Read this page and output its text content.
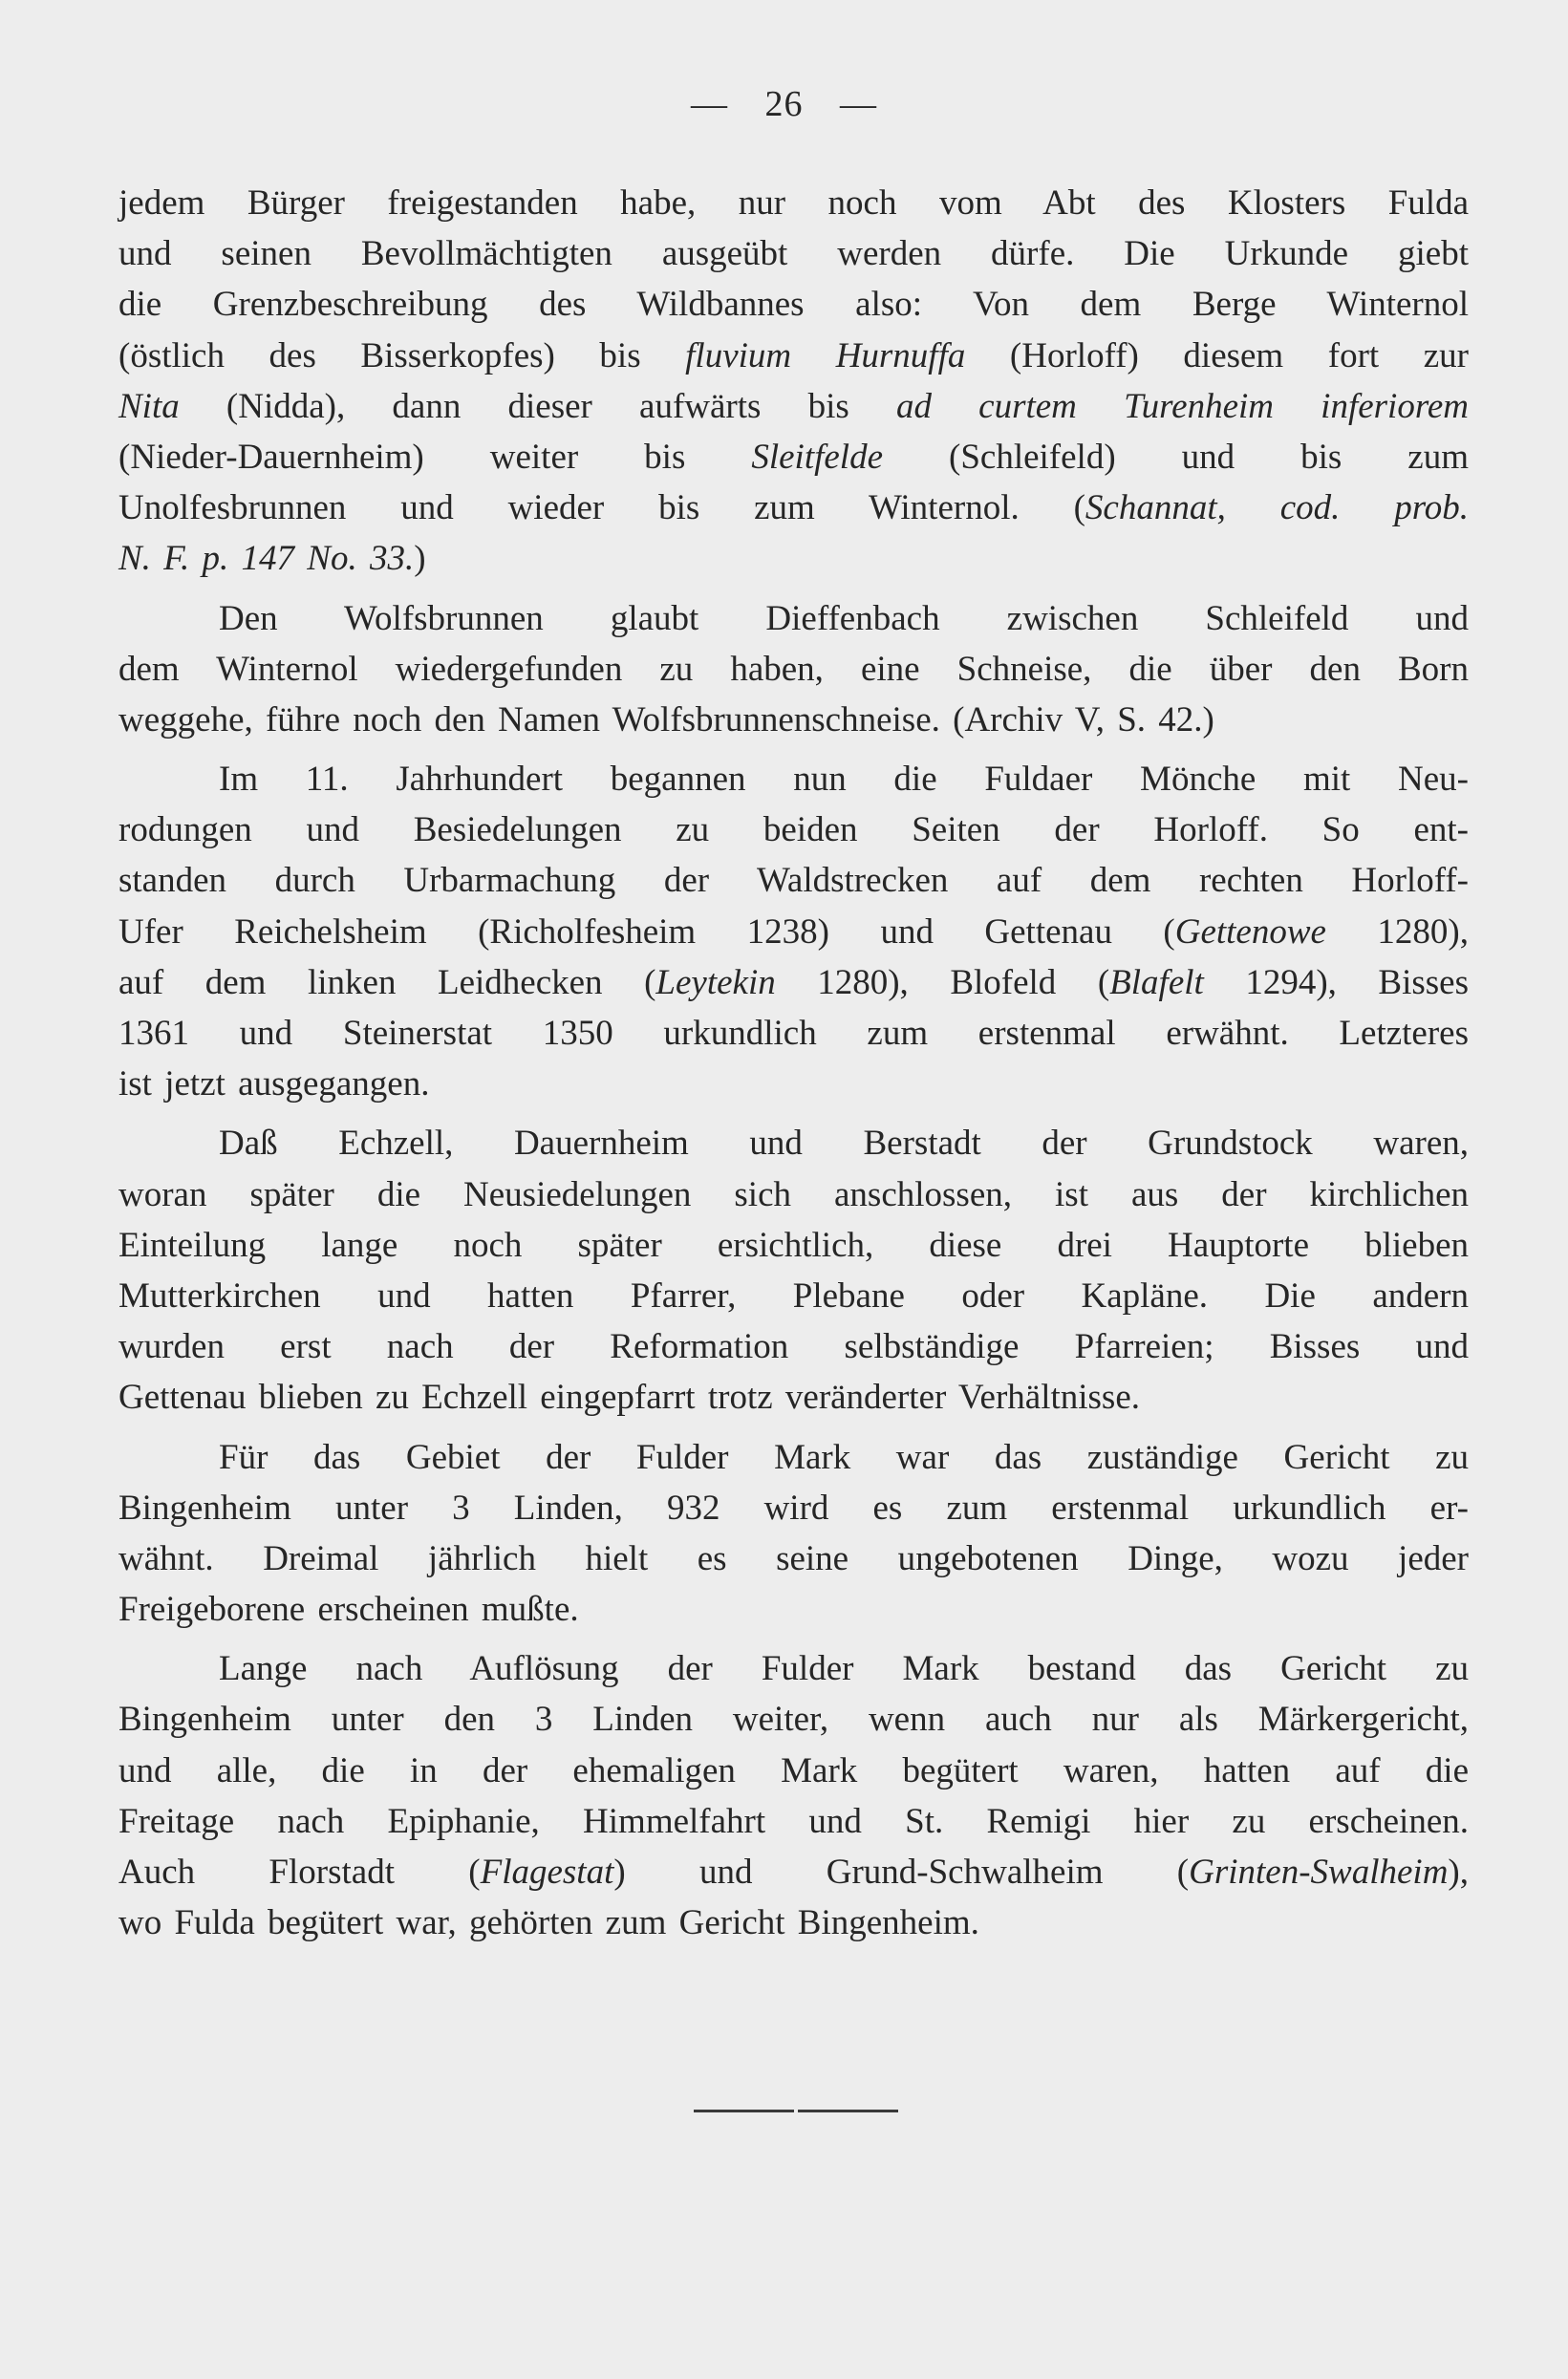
— 26 —
jedem Bürger freigestanden habe, nur noch vom Abt des Klosters Fulda
und seinen Bevollmächtigten ausgeübt werden dürfe. Die Urkunde giebt
die Grenzbeschreibung des Wildbannes also: Von dem Berge Winternol
(östlich des Bisserkopfes) bis fluvium Hurnuffa (Horloff) diesem fort zur
Nita (Nidda), dann dieser aufwärts bis ad curtem Turenheim inferiorem
(Nieder-Dauernheim) weiter bis Sleitfelde (Schleifeld) und bis zum
Unolfesbrunnen und wieder bis zum Winternol. (Schannat, cod. prob.
N. F. p. 147 No. 33.)
Den Wolfsbrunnen glaubt Dieffenbach zwischen Schleifeld und
dem Winternol wiedergefunden zu haben, eine Schneise, die über den Born
weggehe, führe noch den Namen Wolfsbrunnenschneise. (Archiv V, S. 42.)
Im 11. Jahrhundert begannen nun die Fuldaer Mönche mit Neu-
rodungen und Besiedelungen zu beiden Seiten der Horloff. So ent-
standen durch Urbarmachung der Waldstrecken auf dem rechten Horloff-
Ufer Reichelsheim (Richolfesheim 1238) und Gettenau (Gettenowe 1280),
auf dem linken Leidhecken (Leytekin 1280), Blofeld (Blafelt 1294), Bisses
1361 und Steinerstat 1350 urkundlich zum erstenmal erwähnt. Letzteres
ist jetzt ausgegangen.
Daß Echzell, Dauernheim und Berstadt der Grundstock waren,
woran später die Neusiedelungen sich anschlossen, ist aus der kirchlichen
Einteilung lange noch später ersichtlich, diese drei Hauptorte blieben
Mutterkirchen und hatten Pfarrer, Plebane oder Kapläne. Die andern
wurden erst nach der Reformation selbständige Pfarreien; Bisses und
Gettenau blieben zu Echzell eingepfarrt trotz veränderter Verhältnisse.
Für das Gebiet der Fulder Mark war das zuständige Gericht zu
Bingenheim unter 3 Linden, 932 wird es zum erstenmal urkundlich er-
wähnt. Dreimal jährlich hielt es seine ungebotenen Dinge, wozu jeder
Freigeborene erscheinen mußte.
Lange nach Auflösung der Fulder Mark bestand das Gericht zu
Bingenheim unter den 3 Linden weiter, wenn auch nur als Märkergericht,
und alle, die in der ehemaligen Mark begütert waren, hatten auf die
Freitage nach Epiphanie, Himmelfahrt und St. Remigi hier zu erscheinen.
Auch Florstadt (Flagestat) und Grund-Schwalheim (Grinten-Swalheim),
wo Fulda begütert war, gehörten zum Gericht Bingenheim.
